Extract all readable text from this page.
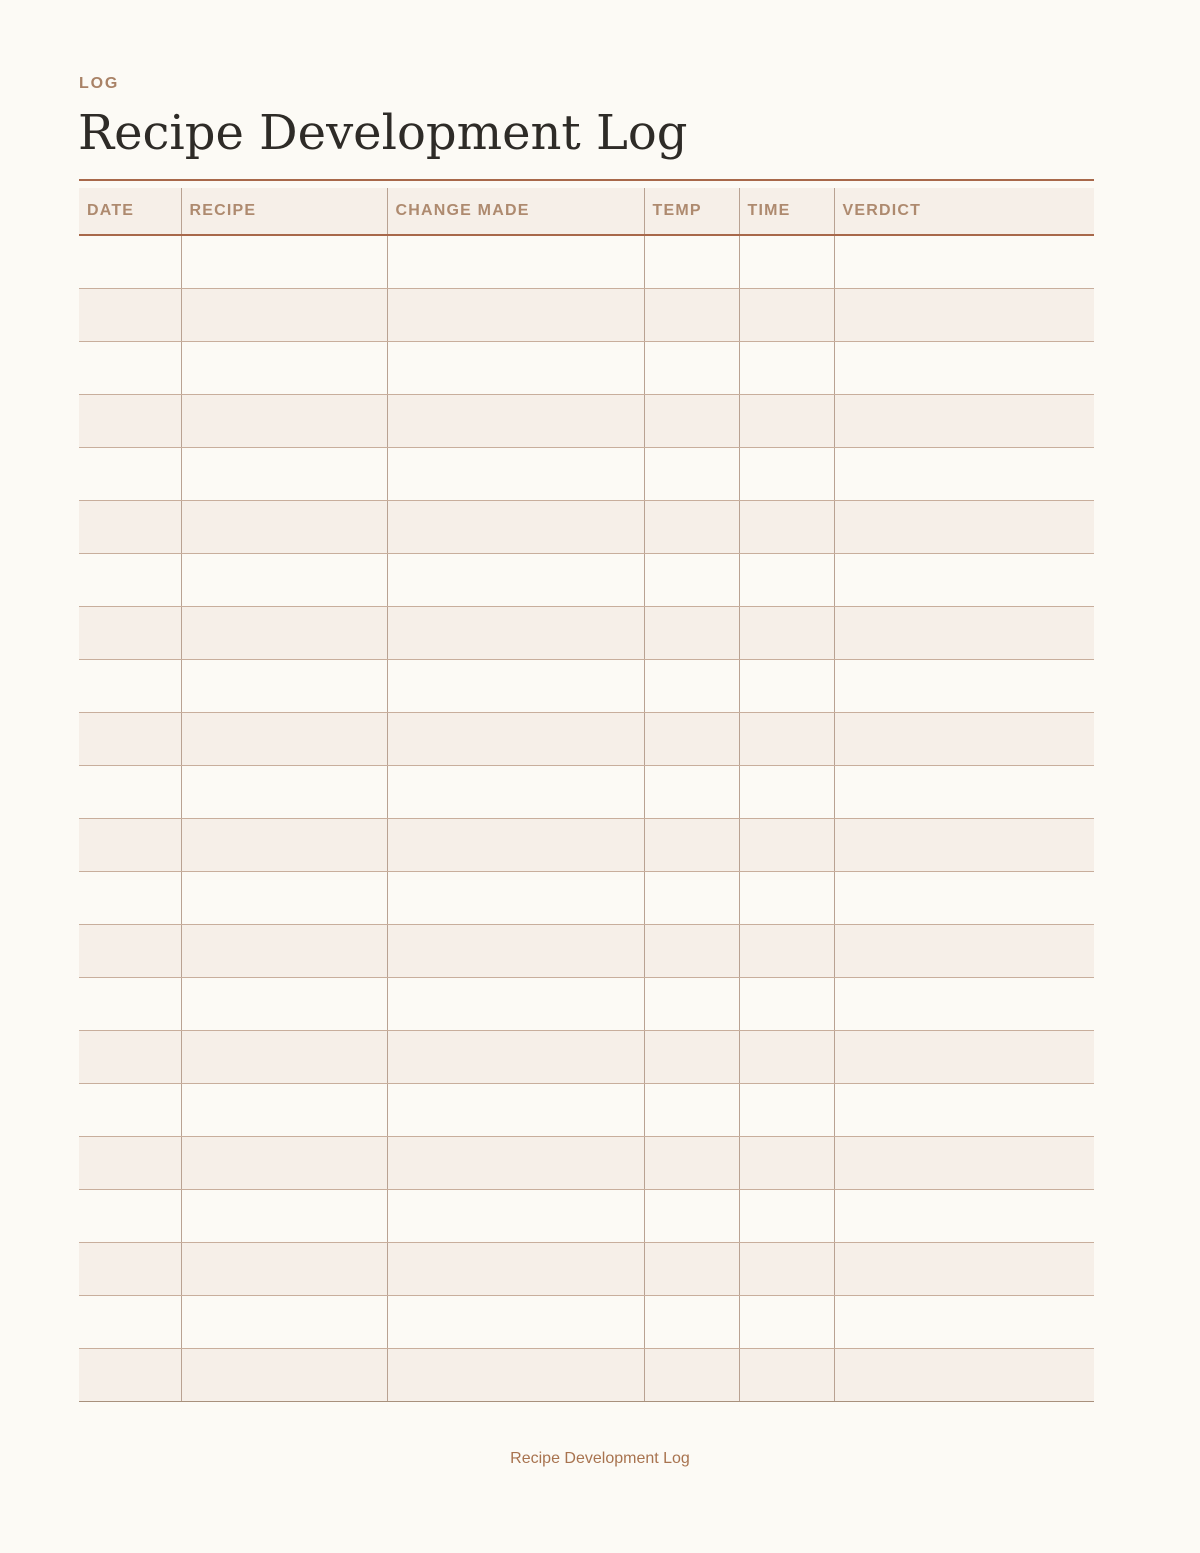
LOG
Recipe Development Log
DATE	RECIPE	CHANGE MADE	TEMP	TIME	VERDICT

Recipe Development Log
